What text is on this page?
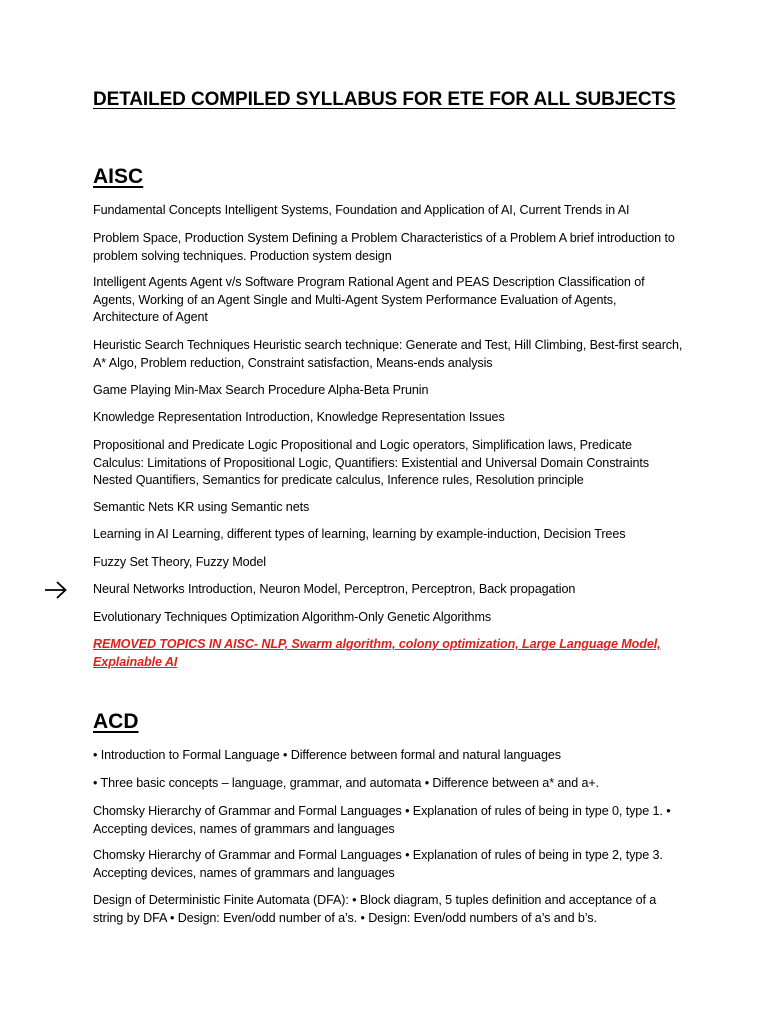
DETAILED COMPILED SYLLABUS FOR ETE FOR ALL SUBJECTS
AISC

Fundamental Concepts Intelligent Systems, Foundation and Application of AI, Current Trends in AI

Problem Space, Production System Defining a Problem Characteristics of a Problem A brief introduction to problem solving techniques. Production system design

Intelligent Agents Agent v/s Software Program Rational Agent and PEAS Description Classification of Agents, Working of an Agent Single and Multi-Agent System Performance Evaluation of Agents, Architecture of Agent

Heuristic Search Techniques Heuristic search technique: Generate and Test, Hill Climbing, Best-first search, A* Algo, Problem reduction, Constraint satisfaction, Means-ends analysis

Game Playing Min-Max Search Procedure Alpha-Beta Prunin

Knowledge Representation Introduction, Knowledge Representation Issues

Propositional and Predicate Logic Propositional and Logic operators, Simplification laws, Predicate Calculus: Limitations of Propositional Logic, Quantifiers: Existential and Universal Domain Constraints Nested Quantifiers, Semantics for predicate calculus, Inference rules, Resolution principle

Semantic Nets KR using Semantic nets

Learning in AI Learning, different types of learning, learning by example-induction, Decision Trees

Fuzzy Set Theory, Fuzzy Model

Neural Networks Introduction, Neuron Model, Perceptron, Perceptron, Back propagation

Evolutionary Techniques Optimization Algorithm-Only Genetic Algorithms

REMOVED TOPICS IN AISC- NLP, Swarm algorithm, colony optimization, Large Language Model, Explainable AI

ACD

• Introduction to Formal Language • Difference between formal and natural languages

• Three basic concepts – language, grammar, and automata • Difference between a* and a+.

Chomsky Hierarchy of Grammar and Formal Languages • Explanation of rules of being in type 0, type 1. • Accepting devices, names of grammars and languages

Chomsky Hierarchy of Grammar and Formal Languages • Explanation of rules of being in type 2, type 3. Accepting devices, names of grammars and languages

Design of Deterministic Finite Automata (DFA): • Block diagram, 5 tuples definition and acceptance of a string by DFA • Design: Even/odd number of a’s. • Design: Even/odd numbers of a’s and b’s.
